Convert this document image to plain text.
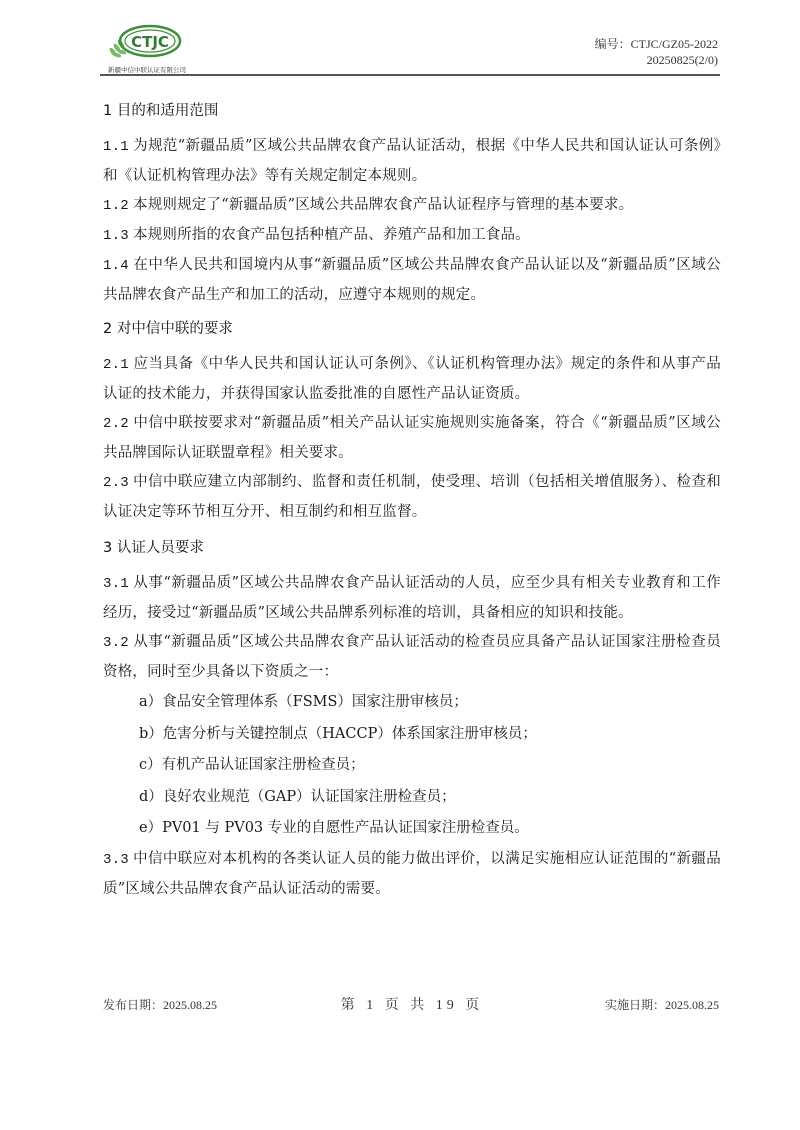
CTJC
新疆中信中联认证有限公司
编号：CTJC/GZ05-2022
20250825(2/0)
1 目的和适用范围

1.1 为规范“新疆品质”区域公共品牌农食产品认证活动，根据《中华人民共和国认证认可条例》和《认证机构管理办法》等有关规定制定本规则。

1.2 本规则规定了“新疆品质”区域公共品牌农食产品认证程序与管理的基本要求。

1.3 本规则所指的农食产品包括种植产品、养殖产品和加工食品。

1.4 在中华人民共和国境内从事“新疆品质”区域公共品牌农食产品认证以及“新疆品质”区域公共品牌农食产品生产和加工的活动，应遵守本规则的规定。

2 对中信中联的要求

2.1 应当具备《中华人民共和国认证认可条例》、《认证机构管理办法》规定的条件和从事产品认证的技术能力，并获得国家认监委批准的自愿性产品认证资质。

2.2 中信中联按要求对“新疆品质”相关产品认证实施规则实施备案，符合《“新疆品质”区域公共品牌国际认证联盟章程》相关要求。

2.3 中信中联应建立内部制约、监督和责任机制，使受理、培训（包括相关增值服务）、检查和认证决定等环节相互分开、相互制约和相互监督。

3 认证人员要求

3.1 从事“新疆品质”区域公共品牌农食产品认证活动的人员，应至少具有相关专业教育和工作经历，接受过“新疆品质”区域公共品牌系列标准的培训，具备相应的知识和技能。

3.2 从事“新疆品质”区域公共品牌农食产品认证活动的检查员应具备产品认证国家注册检查员资格，同时至少具备以下资质之一：

a）食品安全管理体系（FSMS）国家注册审核员；
b）危害分析与关键控制点（HACCP）体系国家注册审核员；
c）有机产品认证国家注册检查员；
d）良好农业规范（GAP）认证国家注册检查员；
e）PV01 与 PV03 专业的自愿性产品认证国家注册检查员。

3.3 中信中联应对本机构的各类认证人员的能力做出评价，以满足实施相应认证范围的“新疆品质”区域公共品牌农食产品认证活动的需要。

发布日期：2025.08.25	第 1 页 共 19 页	实施日期：2025.08.25
